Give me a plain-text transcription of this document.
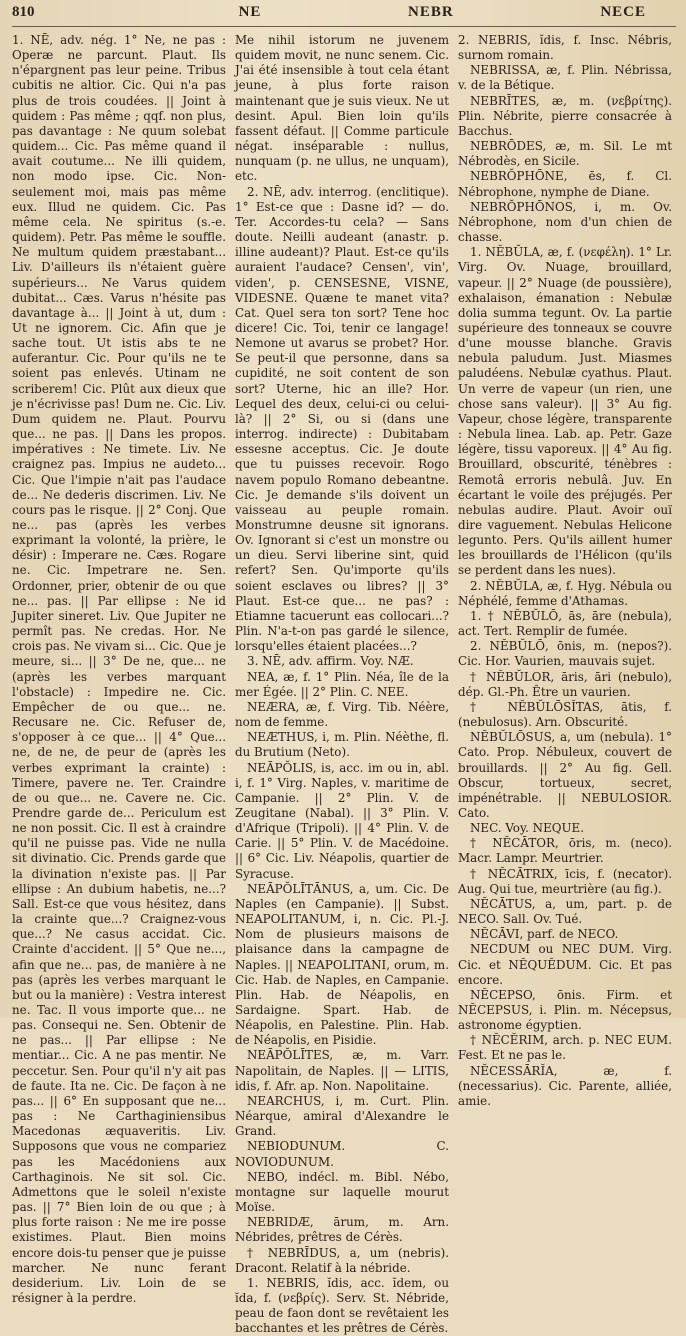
810	NE	NEBR	NECE

1. NĒ, adv. nég. 1° Ne, ne pas : Operæ ne parcunt. Plaut. Ils n'épargnent pas leur peine. Tribus cubitis ne altior. Cic. Qui n'a pas plus de trois coudées. || Joint à quidem : Pas même ; qqf. non plus, pas davantage : Ne quum solebat quidem... Cic. Pas même quand il avait coutume... Ne illi quidem, non modo ipse. Cic. Non-seulement moi, mais pas même eux. Illud ne quidem. Cic. Pas même cela. Ne spiritus (s.-e. quidem). Petr. Pas même le souffle. Ne multum quidem præstabant... Liv. D'ailleurs ils n'étaient guère supérieurs... Ne Varus quidem dubitat... Cæs. Varus n'hésite pas davantage à... || Joint à ut, dum : Ut ne ignorem. Cic. Afin que je sache tout. Ut istis abs te ne auferantur. Cic. Pour qu'ils ne te soient pas enlevés. Utinam ne scriberem! Cic. Plût aux dieux que je n'écrivisse pas! Dum ne. Cic. Liv. Dum quidem ne. Plaut. Pourvu que... ne pas. || Dans les propos. impératives : Ne timete. Liv. Ne craignez pas. Impius ne audeto... Cic. Que l'impie n'ait pas l'audace de... Ne dederis discrimen. Liv. Ne cours pas le risque. || 2° Conj. Que ne... pas (après les verbes exprimant la volonté, la prière, le désir) : Imperare ne. Cæs. Rogare ne. Cic. Impetrare ne. Sen. Ordonner, prier, obtenir de ou que ne... pas. || Par ellipse : Ne id Jupiter sineret. Liv. Que Jupiter ne permît pas. Ne credas. Hor. Ne crois pas. Ne vivam si... Cic. Que je meure, si... || 3° De ne, que... ne (après les verbes marquant l'obstacle) : Impedire ne. Cic. Empêcher de ou que... ne. Recusare ne. Cic. Refuser de, s'opposer à ce que... || 4° Que... ne, de ne, de peur de (après les verbes exprimant la crainte) : Timere, pavere ne. Ter. Craindre de ou que... ne. Cavere ne. Cic. Prendre garde de... Periculum est ne non possit. Cic. Il est à craindre qu'il ne puisse pas. Vide ne nulla sit divinatio. Cic. Prends garde que la divination n'existe pas. || Par ellipse : An dubium habetis, ne...? Sall. Est-ce que vous hésitez, dans la crainte que...? Craignez-vous que...? Ne casus accidat. Cic. Crainte d'accident. || 5° Que ne..., afin que ne... pas, de manière à ne pas (après les verbes marquant le but ou la manière) : Vestra interest ne. Tac. Il vous importe que... ne pas. Consequi ne. Sen. Obtenir de ne pas... || Par ellipse : Ne mentiar... Cic. A ne pas mentir. Ne peccetur. Sen. Pour qu'il n'y ait pas de faute. Ita ne. Cic. De façon à ne pas... || 6° En supposant que ne... pas : Ne Carthaginiensibus Macedonas æquaveritis. Liv. Supposons que vous ne compariez pas les Macédoniens aux Carthaginois. Ne sit sol. Cic. Admettons que le soleil n'existe pas. || 7° Bien loin de ou que ; à plus forte raison : Ne me ire posse existimes. Plaut. Bien moins encore dois-tu penser que je puisse marcher. Ne nunc ferant desiderium. Liv. Loin de se résigner à la perdre.

Me nihil istorum ne juvenem quidem movit, ne nunc senem. Cic. J'ai été insensible à tout cela étant jeune, à plus forte raison maintenant que je suis vieux. Ne ut desint. Apul. Bien loin qu'ils fassent défaut. || Comme particule négat. inséparable : nullus, nunquam (p. ne ullus, ne unquam), etc.

2. NĒ, adv. interrog. (enclitique). 1° Est-ce que : Dasne id? — do. Ter. Accordes-tu cela? — Sans doute. Neilli audeant (anastr. p. illine audeant)? Plaut. Est-ce qu'ils auraient l'audace? Censen', vin', viden', p. CENSESNE, VISNE, VIDESNE. Quæne te manet vita? Cat. Quel sera ton sort? Tene hoc dicere! Cic. Toi, tenir ce langage! Nemone ut avarus se probet? Hor. Se peut-il que personne, dans sa cupidité, ne soit content de son sort? Uterne, hic an ille? Hor. Lequel des deux, celui-ci ou celui-là? || 2° Si, ou si (dans une interrog. indirecte) : Dubitabam essesne acceptus. Cic. Je doute que tu puisses recevoir. Rogo navem populo Romano debeantne. Cic. Je demande s'ils doivent un vaisseau au peuple romain. Monstrumne deusne sit ignorans. Ov. Ignorant si c'est un monstre ou un dieu. Servi liberine sint, quid refert? Sen. Qu'importe qu'ils soient esclaves ou libres? || 3° Plaut. Est-ce que... ne pas? : Etiamne tacuerunt eas collocari...? Plin. N'a-t-on pas gardé le silence, lorsqu'elles étaient placées...?

3. NĒ, adv. affirm. Voy. NÆ.

NEA, æ, f. 1° Plin. Néa, île de la mer Égée. || 2° Plin. C. NEE.

NEÆRA, æ, f. Virg. Tib. Néère, nom de femme.

NEÆTHUS, i, m. Plin. Néèthe, fl. du Brutium (Neto).

NEĀPŎLIS, is, acc. im ou in, abl. i, f. 1° Virg. Naples, v. maritime de Campanie. || 2° Plin. V. de Zeugitane (Nabal). || 3° Plin. V. d'Afrique (Tripoli). || 4° Plin. V. de Carie. || 5° Plin. V. de Macédoine. || 6° Cic. Liv. Néapolis, quartier de Syracuse.

NEĀPŎLĪTĀNUS, a, um. Cic. De Naples (en Campanie). || Subst. NEAPOLITANUM, i, n. Cic. Pl.-J. Nom de plusieurs maisons de plaisance dans la campagne de Naples. || NEAPOLITANI, orum, m. Cic. Hab. de Naples, en Campanie. Plin. Hab. de Néapolis, en Sardaigne. Spart. Hab. de Néapolis, en Palestine. Plin. Hab. de Néapolis, en Pisidie.

NEĀPŎLĪTES, æ, m. Varr. Napolitain, de Naples. || — LITIS, idis, f. Afr. ap. Non. Napolitaine.

NEARCHUS, i, m. Curt. Plin. Néarque, amiral d'Alexandre le Grand.

NEBIODUNUM. C. NOVIODUNUM.

NEBO, indécl. m. Bibl. Nébo, montagne sur laquelle mourut Moïse.

NEBRIDÆ, ārum, m. Arn. Nébrides, prêtres de Cérès.

† NEBRĪDUS, a, um (nebris). Dracont. Relatif à la nébride.

1. NEBRIS, ĭdis, acc. ĭdem, ou ĭda, f. (νεβρίς). Serv. St. Nébride, peau de faon dont se revêtaient les bacchantes et les prêtres de Cérès.

2. NEBRIS, ĭdis, f. Insc. Nébris, surnom romain.

NEBRISSA, æ, f. Plin. Nébrissa, v. de la Bétique.

NEBRĪTES, æ, m. (νεβρίτης). Plin. Nébrite, pierre consacrée à Bacchus.

NEBRŌDES, æ, m. Sil. Le mt Nébrodès, en Sicile.

NEBRŎPHŌNE, ēs, f. Cl. Nébrophone, nymphe de Diane.

NEBRŎPHŌNOS, i, m. Ov. Nébrophone, nom d'un chien de chasse.

1. NĔBŬLA, æ, f. (νεφέλη). 1° Lr. Virg. Ov. Nuage, brouillard, vapeur. || 2° Nuage (de poussière), exhalaison, émanation : Nebulæ dolia summa tegunt. Ov. La partie supérieure des tonneaux se couvre d'une mousse blanche. Gravis nebula paludum. Just. Miasmes paludéens. Nebulæ cyathus. Plaut. Un verre de vapeur (un rien, une chose sans valeur). || 3° Au fig. Vapeur, chose légère, transparente : Nebula linea. Lab. ap. Petr. Gaze légère, tissu vaporeux. || 4° Au fig. Brouillard, obscurité, ténèbres : Remotâ erroris nebulâ. Juv. En écartant le voile des préjugés. Per nebulas audire. Plaut. Avoir ouï dire vaguement. Nebulas Helicone legunto. Pers. Qu'ils aillent humer les brouillards de l'Hélicon (qu'ils se perdent dans les nues).

2. NĔBŬLA, æ, f. Hyg. Nébula ou Néphélé, femme d'Athamas.

1. † NĔBŬLŌ, ās, āre (nebula), act. Tert. Remplir de fumée.

2. NĔBŬLŌ, ōnis, m. (nepos?). Cic. Hor. Vaurien, mauvais sujet.

† NĔBŬLOR, āris, āri (nebulo), dép. Gl.-Ph. Être un vaurien.

† NĔBŬLŌSĬTAS, ātis, f. (nebulosus). Arn. Obscurité.

NĔBŬLŌSUS, a, um (nebula). 1° Cato. Prop. Nébuleux, couvert de brouillards. || 2° Au fig. Gell. Obscur, tortueux, secret, impénétrable. || NEBULOSIOR. Cato.

NEC. Voy. NEQUE.

† NĔCĀTOR, ōris, m. (neco). Macr. Lampr. Meurtrier.

† NĔCĀTRIX, īcis, f. (necator). Aug. Qui tue, meurtrière (au fig.).

NĔCĀTUS, a, um, part. p. de NECO. Sall. Ov. Tué.

NĔCĀVI, parf. de NECO.

NECDUM ou NEC DUM. Virg. Cic. et NĔQUĔDUM. Cic. Et pas encore.

NĔCEPSO, ōnis. Firm. et NĔCEPSUS, i. Plin. m. Nécepsus, astronome égyptien.

† NĔCĔRIM, arch. p. NEC EUM. Fest. Et ne pas le.

NĔCESSĀRĬA, æ, f. (necessarius). Cic. Parente, alliée, amie.
